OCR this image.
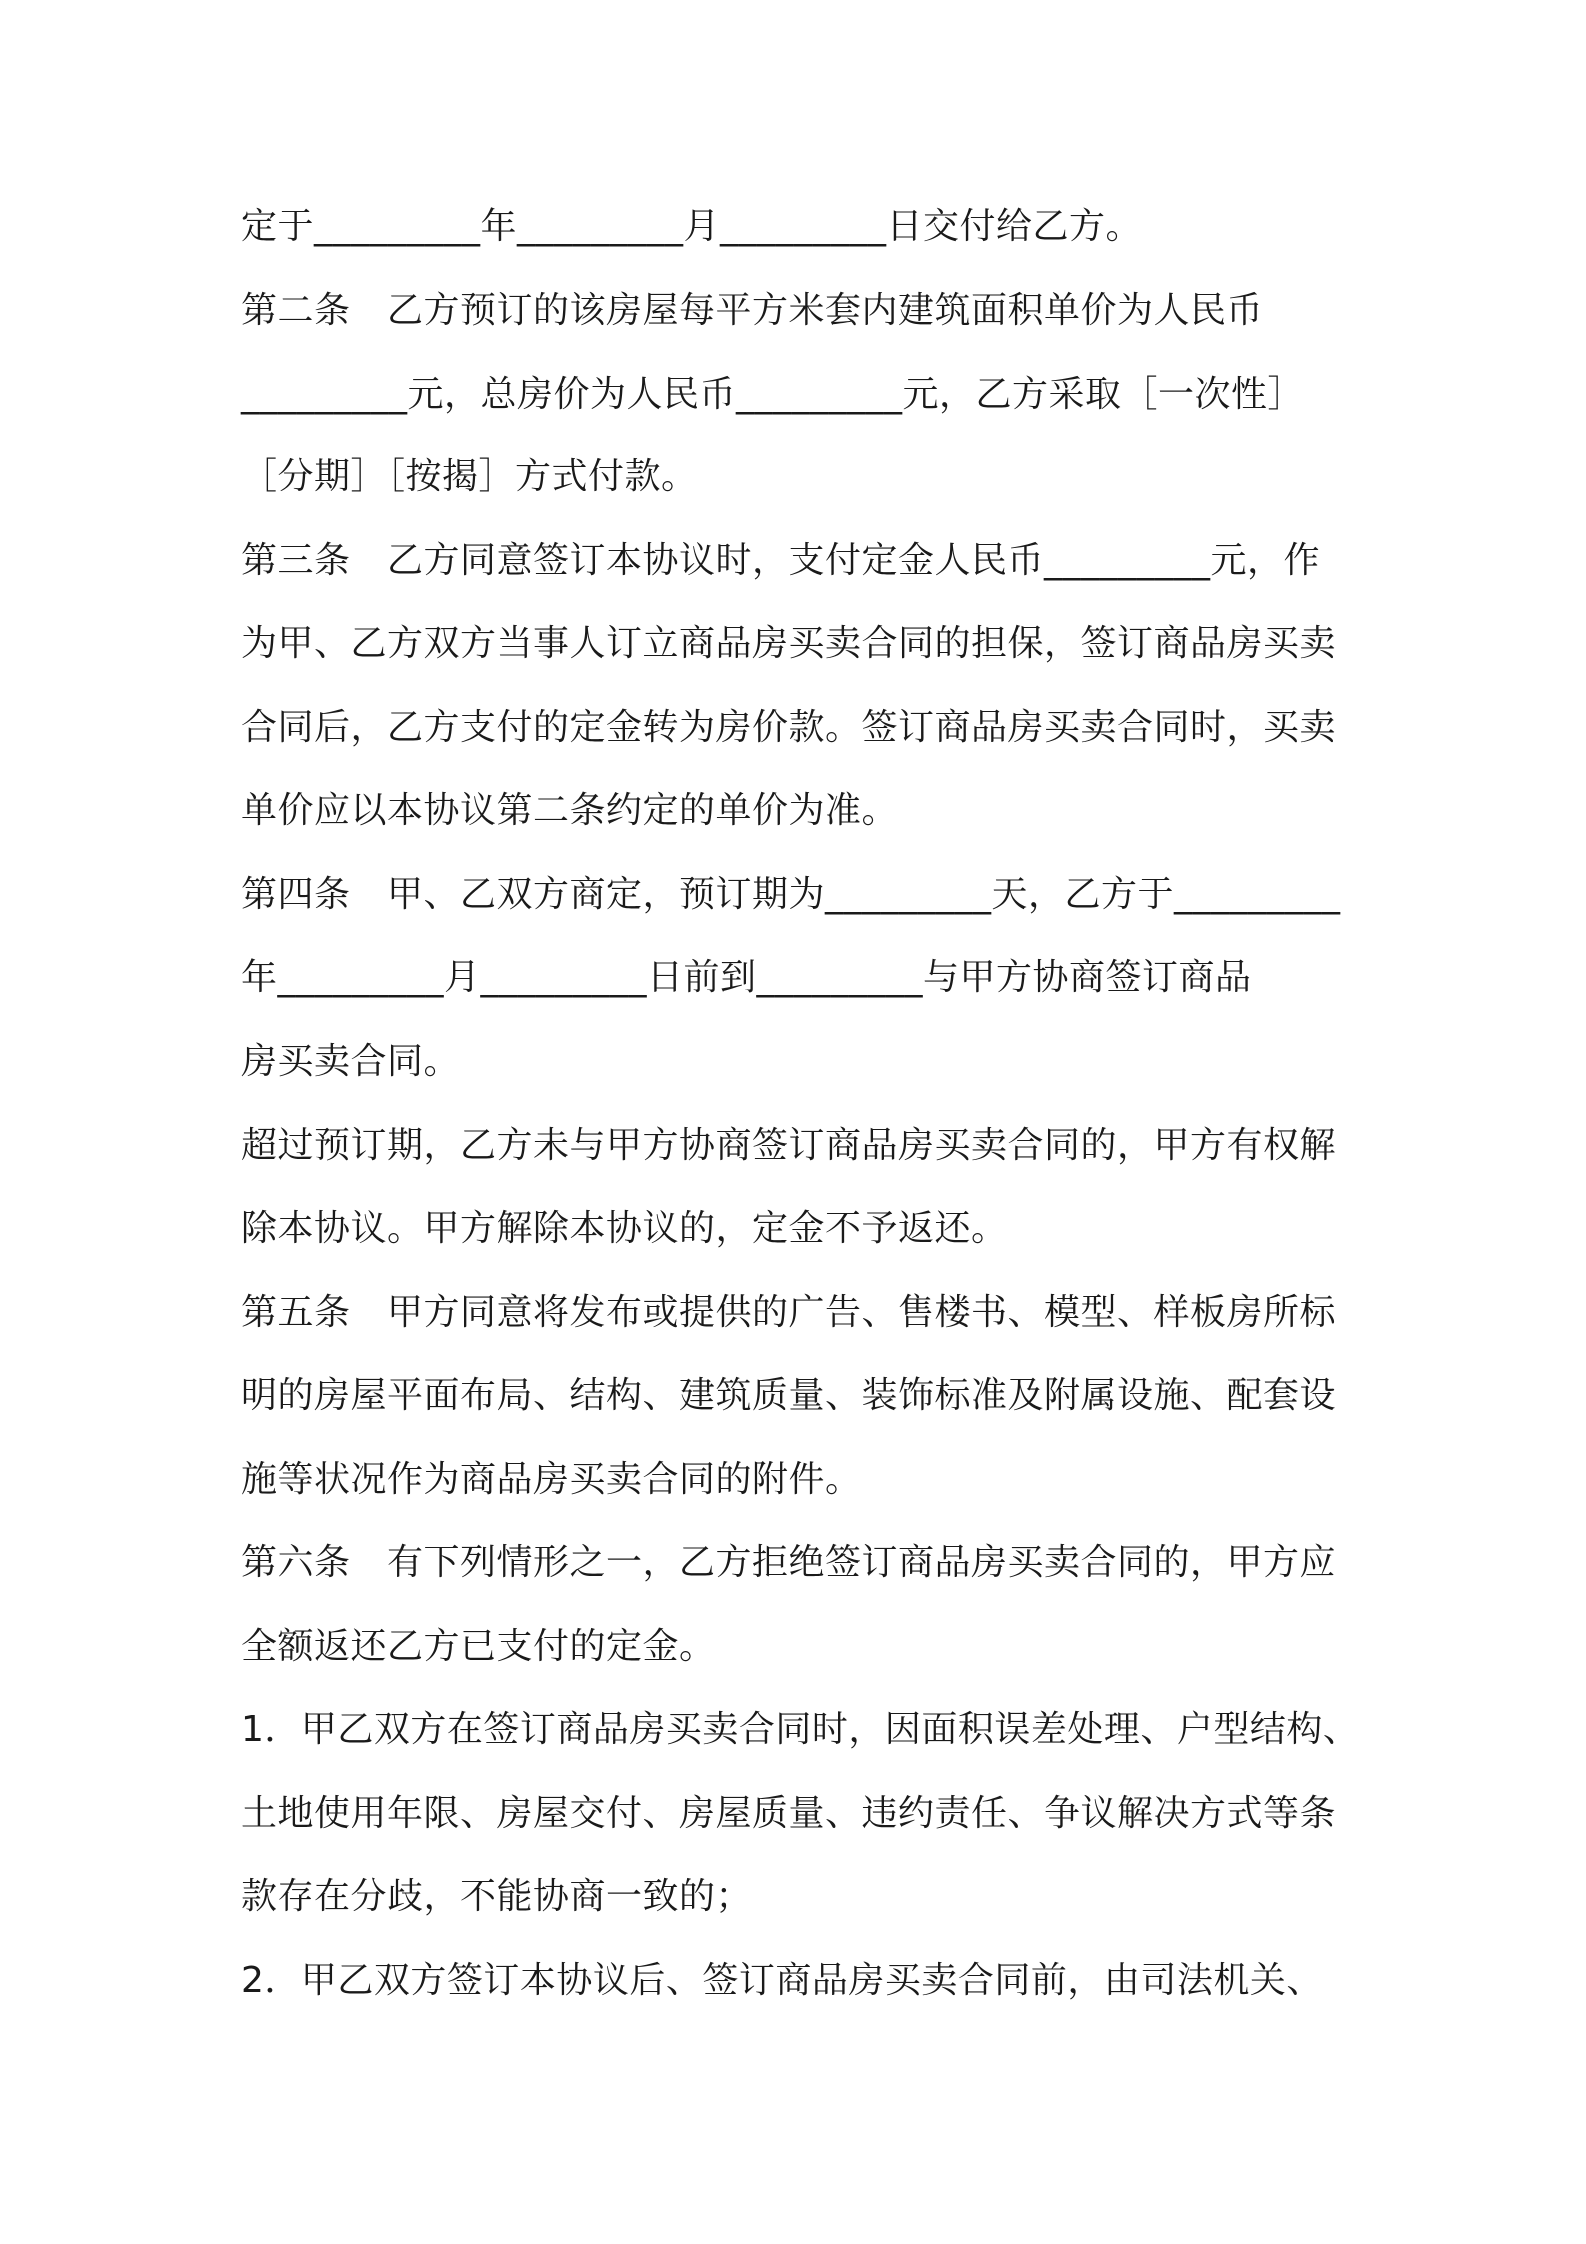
定于_________年_________月_________日交付给乙方。
第二条　乙方预订的该房屋每平方米套内建筑面积单价为人民币
_________元，总房价为人民币_________元，乙方采取［一次性］
［分期］［按揭］方式付款。
第三条　乙方同意签订本协议时，支付定金人民币_________元，作
为甲、乙方双方当事人订立商品房买卖合同的担保，签订商品房买卖
合同后，乙方支付的定金转为房价款。签订商品房买卖合同时，买卖
单价应以本协议第二条约定的单价为准。
第四条　甲、乙双方商定，预订期为_________天，乙方于_________
年_________月_________日前到_________与甲方协商签订商品
房买卖合同。
超过预订期，乙方未与甲方协商签订商品房买卖合同的，甲方有权解
除本协议。甲方解除本协议的，定金不予返还。
第五条　甲方同意将发布或提供的广告、售楼书、模型、样板房所标
明的房屋平面布局、结构、建筑质量、装饰标准及附属设施、配套设
施等状况作为商品房买卖合同的附件。
第六条　有下列情形之一，乙方拒绝签订商品房买卖合同的，甲方应
全额返还乙方已支付的定金。
1．甲乙双方在签订商品房买卖合同时，因面积误差处理、户型结构、
土地使用年限、房屋交付、房屋质量、违约责任、争议解决方式等条
款存在分歧，不能协商一致的；
2．甲乙双方签订本协议后、签订商品房买卖合同前，由司法机关、
